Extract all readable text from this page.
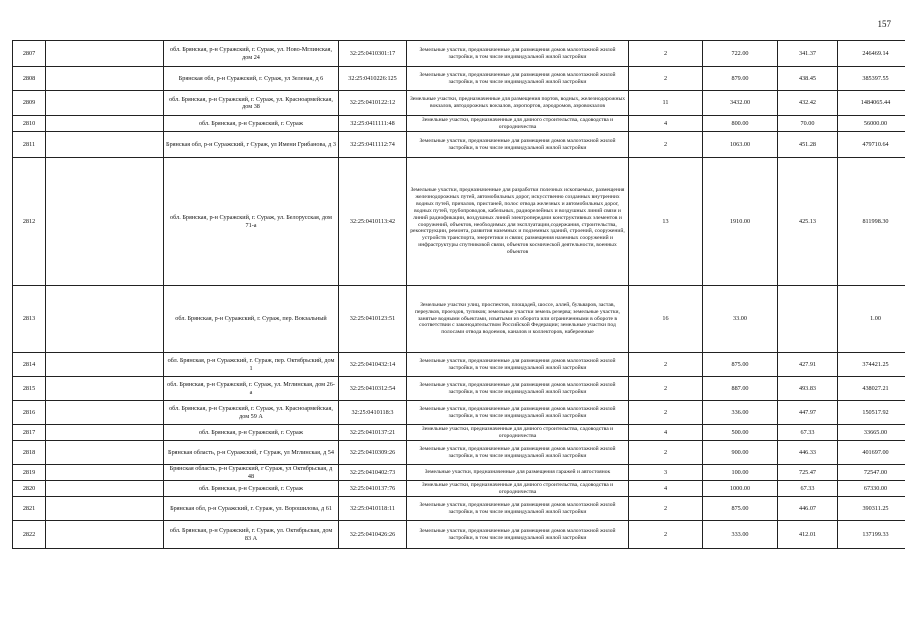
157
2807		обл. Брянская, р-н Суражский, г. Сураж, ул. Ново-Мглинская, дом 24	32:25:0410301:17	Земельные участки, предназначенные для размещения домов малоэтажной жилой застройки, в том числе индивидуальной жилой застройки	2	722.00	341.37	246469.14
2808		Брянская обл, р-н Суражский, г. Сураж, ул Зеленая, д 6	32:25:0410226:125	Земельные участки, предназначенные для размещения домов малоэтажной жилой застройки, в том числе индивидуальной жилой застройки	2	879.00	438.45	385397.55
2809		обл. Брянская, р-н Суражский, г. Сураж, ул. Красноармейская, дом 38	32:25:0410122:12	Земельные участки, предназначенные для размещения портов, водных, железнодорожных вокзалов, автодорожных вокзалов, аэропортов, аэродромов, аэровокзалов	11	3432.00	432.42	1484065.44
2810		обл. Брянская, р-н Суражский, г. Сураж	32:25:0411111:48	Земельные участки, предназначенные для дачного строительства, садоводства и огородничества	4	800.00	70.00	56000.00
2811		Брянская обл, р-н Суражский, г Сураж, ул Имени Грибанова, д 3	32:25:0411112:74	Земельные участки, предназначенные для размещения домов малоэтажной жилой застройки, в том числе индивидуальной жилой застройки	2	1063.00	451.28	479710.64
2812		обл. Брянская, р-н Суражский, г. Сураж, ул. Белорусская, дом 71-а	32:25:0410113:42	Земельные участки, предназначенные для разработки полезных ископаемых, размещения железнодорожных путей, автомобильных дорог, искусственно созданных внутренних водных путей, причалов, пристаней, полос отвода железных и автомобильных дорог, водных путей, трубопроводов, кабельных, радиорелейных и воздушных линий связи и линий радиофикации, воздушных линий электропередачи конструктивных элементов и сооружений, объектов, необходимых для эксплуатации,содержания, строительства, реконструкции, ремонта, развития наземных и подземных зданий, строений, сооружений, устройств транспорта, энергетики и связи; размещения наземных сооружений и инфраструктуры спутниковой связи, объектов космической деятельности, военных объектов	13	1910.00	425.13	811998.30
2813		обл. Брянская, р-н Суражский, г. Сураж, пер. Вокзальный	32:25:0410123:51	Земельные участки улиц, проспектов, площадей, шоссе, аллей, бульваров, застав, переулков, проездов, тупиков; земельные участки земель резерва; земельные участки, занятые водными объектами, изъятыми из оборота или ограниченными в обороте в соответствии с законодательством Российской Федерации; земельные участки под полосами отвода водоемов, каналов и коллекторов, набережные	16	33.00		1.00
2814		обл. Брянская, р-н Суражский, г. Сураж, пер. Октябрьский, дом 1	32:25:0410432:14	Земельные участки, предназначенные для размещения домов малоэтажной жилой застройки, в том числе индивидуальной жилой застройки	2	875.00	427.91	374421.25
2815		обл. Брянская, р-н Суражский, г. Сураж, ул. Мглинская, дом 26-а	32:25:0410312:54	Земельные участки, предназначенные для размещения домов малоэтажной жилой застройки, в том числе индивидуальной жилой застройки	2	887.00	493.83	438027.21
2816		обл. Брянская, р-н Суражский, г. Сураж, ул. Красноармейская, дом 59 А	32:25:0410118:3	Земельные участки, предназначенные для размещения домов малоэтажной жилой застройки, в том числе индивидуальной жилой застройки	2	336.00	447.97	150517.92
2817		обл. Брянская, р-н Суражский, г. Сураж	32:25:0410137:21	Земельные участки, предназначенные для дачного строительства, садоводства и огородничества	4	500.00	67.33	33665.00
2818		Брянская область, р-н Суражский, г Сураж, ул Мглинская, д 54	32:25:0410309:26	Земельные участки, предназначенные для размещения домов малоэтажной жилой застройки, в том числе индивидуальной жилой застройки	2	900.00	446.33	401697.00
2819		Брянская область, р-н Суражский, г Сураж, ул Октябрьская, д 48	32:25:0410402:73	Земельные участки, предназначенные для размещения гаражей и автостоянок	3	100.00	725.47	72547.00
2820		обл. Брянская, р-н Суражский, г. Сураж	32:25:0410137:76	Земельные участки, предназначенные для дачного строительства, садоводства и огородничества	4	1000.00	67.33	67330.00
2821		Брянская обл, р-н Суражский, г. Сураж, ул. Ворошилова, д 61	32:25:0410118:11	Земельные участки, предназначенные для размещения домов малоэтажной жилой застройки, в том числе индивидуальной жилой застройки	2	875.00	446.07	390311.25
2822		обл. Брянская, р-н Суражский, г. Сураж, ул. Октябрьская, дом 83 А	32:25:0410426:26	Земельные участки, предназначенные для размещения домов малоэтажной жилой застройки, в том числе индивидуальной жилой застройки	2	333.00	412.01	137199.33
